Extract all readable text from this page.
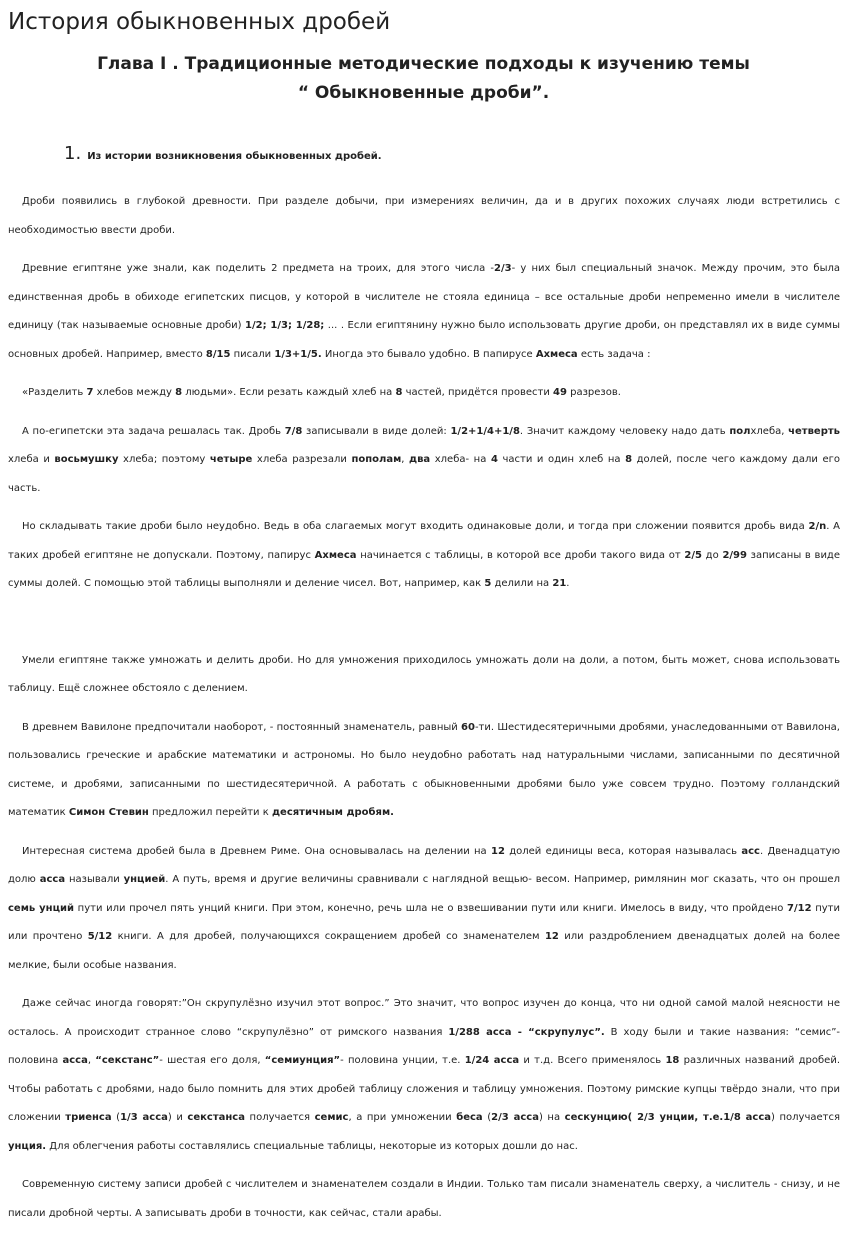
История обыкновенных дробей
Глава I . Традиционные методические подходы к изучению темы
“ Обыкновенные дроби”.
1. Из истории возникновения обыкновенных дробей.

Дроби появились в глубокой древности. При разделе добычи, при измерениях величин, да и в других похожих случаях люди встретились с необходимостью ввести дроби.

Древние египтяне уже знали, как поделить 2 предмета на троих, для этого числа -2/3- у них был специальный значок. Между прочим, это была единственная дробь в обиходе египетских писцов, у которой в числителе не стояла единица – все остальные дроби непременно имели в числителе единицу (так называемые основные дроби) 1/2; 1/3; 1/28; ... . Если египтянину нужно было использовать другие дроби, он представлял их в виде суммы основных дробей. Например, вместо 8/15 писали 1/3+1/5. Иногда это бывало удобно. В папирусе Ахмеса есть задача :

«Разделить 7 хлебов между 8 людьми». Если резать каждый хлеб на 8 частей, придётся провести 49 разрезов.

А по-египетски эта задача решалась так. Дробь 7/8 записывали в виде долей: 1/2+1/4+1/8. Значит каждому человеку надо дать полхлеба, четверть хлеба и восьмушку хлеба; поэтому четыре хлеба разрезали пополам, два хлеба- на 4 части и один хлеб на 8 долей, после чего каждому дали его часть.

Но складывать такие дроби было неудобно. Ведь в оба слагаемых могут входить одинаковые доли, и тогда при сложении появится дробь вида 2/n. А таких дробей египтяне не допускали. Поэтому, папирус Ахмеса начинается с таблицы, в которой все дроби такого вида от 2/5 до 2/99 записаны в виде суммы долей. С помощью этой таблицы выполняли и деление чисел. Вот, например, как 5 делили на 21.

Умели египтяне также умножать и делить дроби. Но для умножения приходилось умножать доли на доли, а потом, быть может, снова использовать таблицу. Ещё сложнее обстояло с делением.

В древнем Вавилоне предпочитали наоборот, - постоянный знаменатель, равный 60-ти. Шестидесятеричными дробями, унаследованными от Вавилона, пользовались греческие и арабские математики и астрономы. Но было неудобно работать над натуральными числами, записанными по десятичной системе, и дробями, записанными по шестидесятеричной. А работать с обыкновенными дробями было уже совсем трудно. Поэтому голландский математик Симон Стевин предложил перейти к десятичным дробям.

Интересная система дробей была в Древнем Риме. Она основывалась на делении на 12 долей единицы веса, которая называлась асс. Двенадцатую долю асса называли унцией. А путь, время и другие величины сравнивали с наглядной вещью- весом. Например, римлянин мог сказать, что он прошел семь унций пути или прочел пять унций книги. При этом, конечно, речь шла не о взвешивании пути или книги. Имелось в виду, что пройдено 7/12 пути или прочтено 5/12 книги. А для дробей, получающихся сокращением дробей со знаменателем 12 или раздроблением двенадцатых долей на более мелкие, были особые названия.

Даже сейчас иногда говорят:”Он скрупулёзно изучил этот вопрос.” Это значит, что вопрос изучен до конца, что ни одной самой малой неясности не осталось. А происходит странное слово “скрупулёзно” от римского названия 1/288 асса - “скрупулус”. В ходу были и такие названия: “семис”- половина асса, “секстанс”- шестая его доля, “семиунция”- половина унции, т.е. 1/24 асса и т.д. Всего применялось 18 различных названий дробей. Чтобы работать с дробями, надо было помнить для этих дробей таблицу сложения и таблицу умножения. Поэтому римские купцы твёрдо знали, что при сложении триенса (1/3 асса) и секстанса получается семис, а при умножении беса (2/3 асса) на сескунцию( 2/3 унции, т.е.1/8 асса) получается унция. Для облегчения работы составлялись специальные таблицы, некоторые из которых дошли до нас.

Современную систему записи дробей с числителем и знаменателем создали в Индии. Только там писали знаменатель сверху, а числитель - снизу, и не писали дробной черты. А записывать дроби в точности, как сейчас, стали арабы.
